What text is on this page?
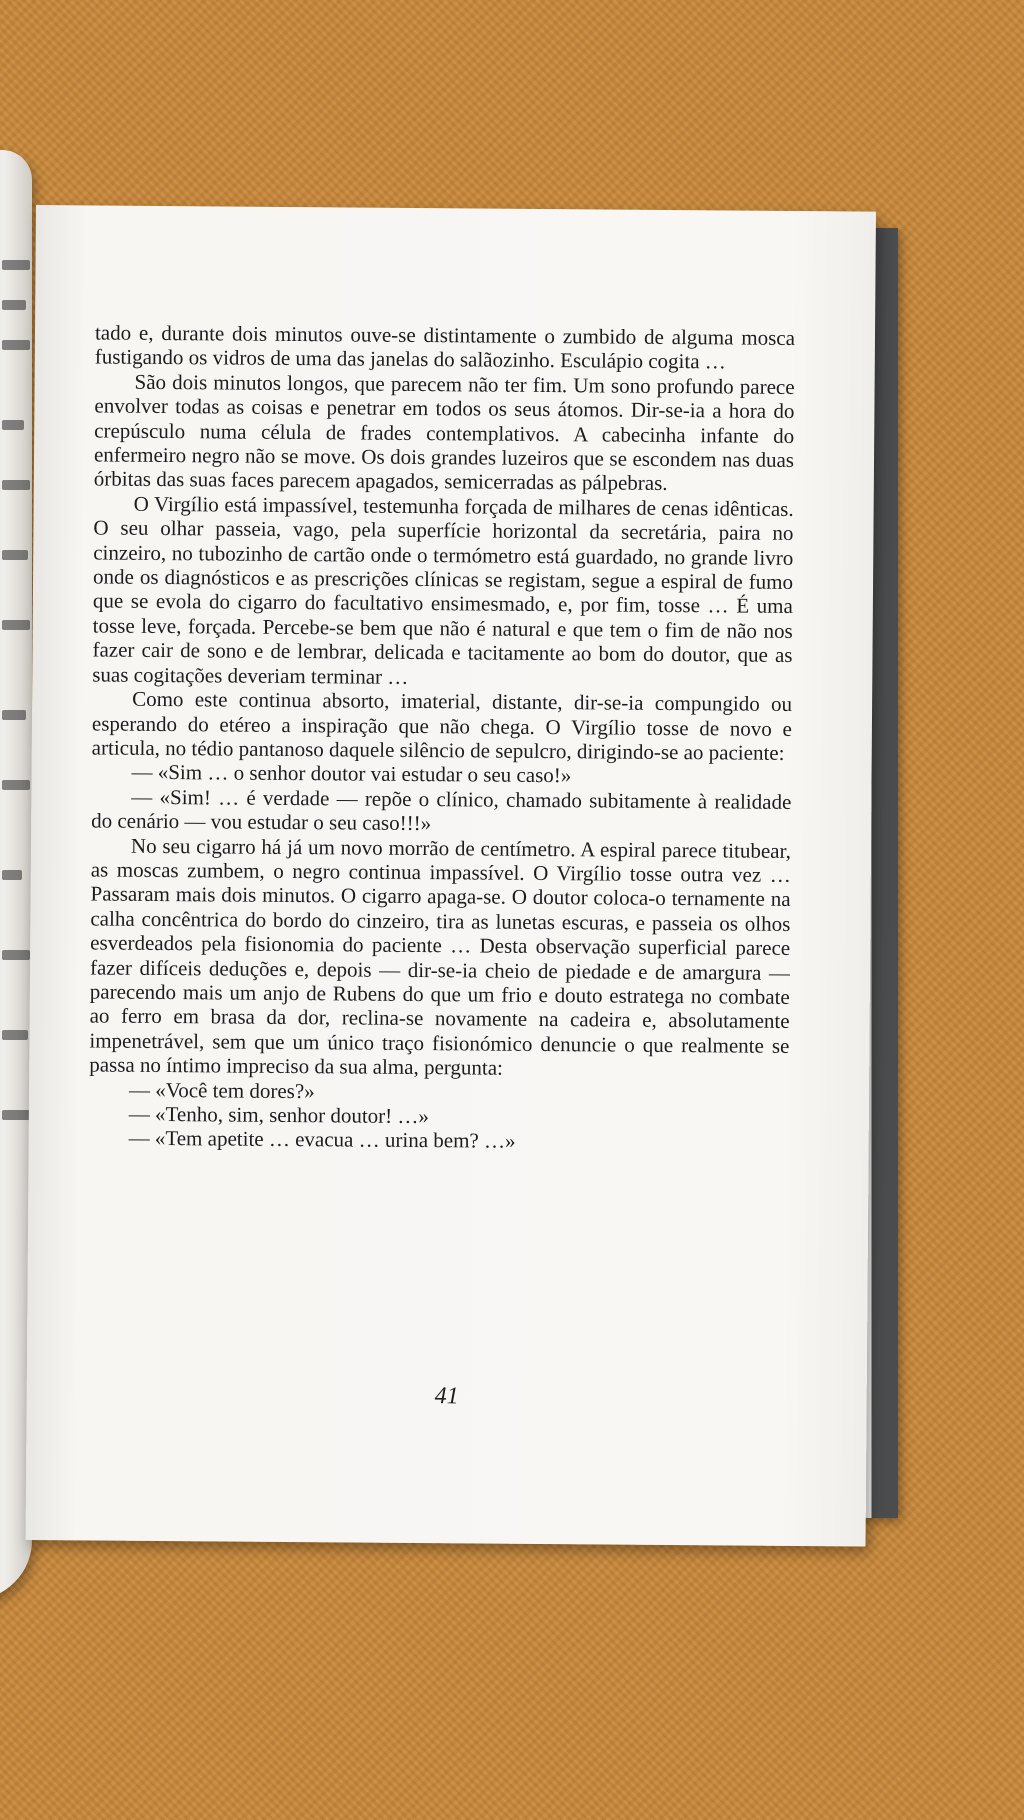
tado e, durante dois minutos ouve-se distintamente o zumbido de alguma mosca fustigando os vidros de uma das janelas do salãozinho. Esculápio cogita …

São dois minutos longos, que parecem não ter fim. Um sono profundo parece envolver todas as coisas e penetrar em todos os seus átomos. Dir-se-ia a hora do crepúsculo numa célula de frades contemplativos. A cabecinha infante do enfermeiro negro não se move. Os dois grandes luzeiros que se escondem nas duas órbitas das suas faces parecem apagados, semicerradas as pálpebras.

O Virgílio está impassível, testemunha forçada de milhares de cenas idênticas. O seu olhar passeia, vago, pela superfície horizontal da secretária, paira no cinzeiro, no tubozinho de cartão onde o termómetro está guardado, no grande livro onde os diagnósticos e as prescrições clínicas se registam, segue a espiral de fumo que se evola do cigarro do facultativo ensimesmado, e, por fim, tosse … É uma tosse leve, forçada. Percebe-se bem que não é natural e que tem o fim de não nos fazer cair de sono e de lembrar, delicada e tacitamente ao bom do doutor, que as suas cogitações deveriam terminar …

Como este continua absorto, imaterial, distante, dir-se-ia compungido ou esperando do etéreo a inspiração que não chega. O Virgílio tosse de novo e articula, no tédio pantanoso daquele silêncio de sepulcro, dirigindo-se ao paciente:

— «Sim … o senhor doutor vai estudar o seu caso!»

— «Sim! … é verdade — repõe o clínico, chamado subitamente à realidade do cenário — vou estudar o seu caso!!!»

No seu cigarro há já um novo morrão de centímetro. A espiral parece titubear, as moscas zumbem, o negro continua impassível. O Virgílio tosse outra vez … Passaram mais dois minutos. O cigarro apaga-se. O doutor coloca-o ternamente na calha concêntrica do bordo do cinzeiro, tira as lunetas escuras, e passeia os olhos esverdeados pela fisionomia do paciente … Desta observação superficial parece fazer difíceis deduções e, depois — dir-se-ia cheio de piedade e de amargura — parecendo mais um anjo de Rubens do que um frio e douto estratega no combate ao ferro em brasa da dor, reclina-se novamente na cadeira e, absolutamente impenetrável, sem que um único traço fisionómico denuncie o que realmente se passa no íntimo impreciso da sua alma, pergunta:

— «Você tem dores?»

— «Tenho, sim, senhor doutor! …»

— «Tem apetite … evacua … urina bem? …»

41
